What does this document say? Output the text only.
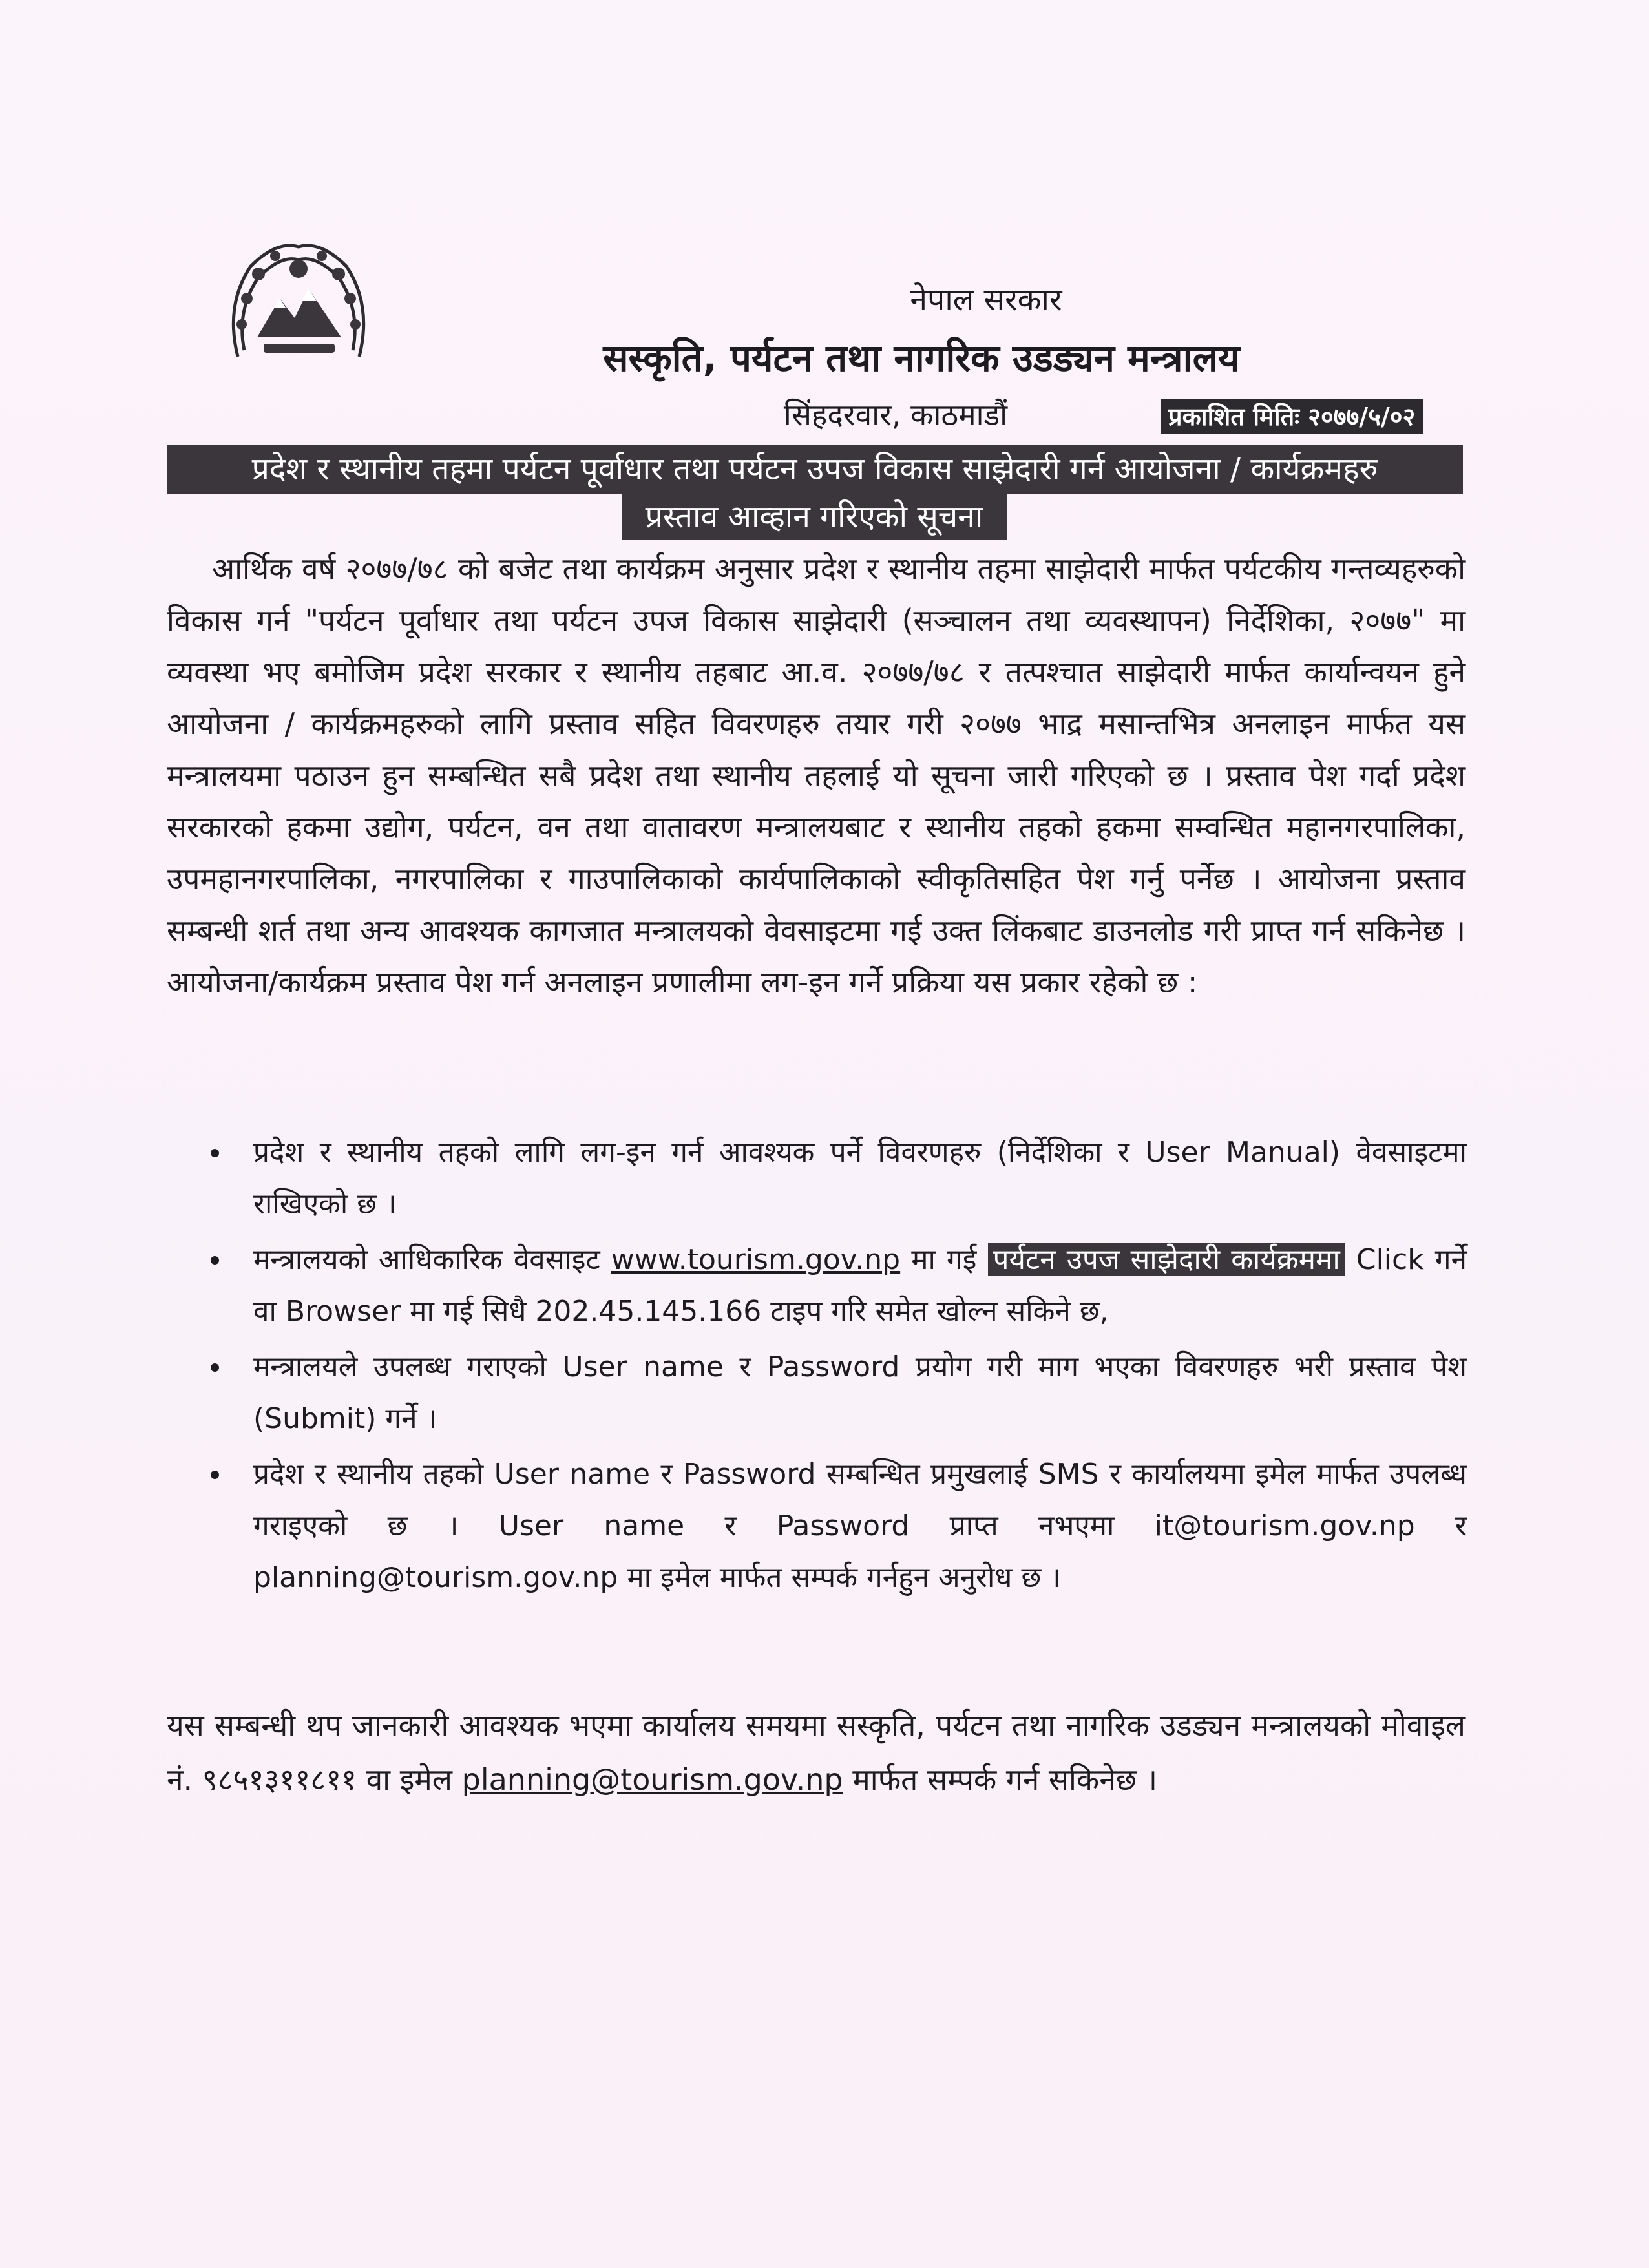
नेपाल सरकार
सस्कृति, पर्यटन तथा नागरिक उडड्यन मन्त्रालय
सिंहदरवार, काठमाडौं	प्रकाशित मितिः २०७७/५/०२
प्रदेश र स्थानीय तहमा पर्यटन पूर्वाधार तथा पर्यटन उपज विकास साझेदारी गर्न आयोजना / कार्यक्रमहरु
प्रस्ताव आव्हान गरिएको सूचना
आर्थिक वर्ष २०७७/७८ को बजेट तथा कार्यक्रम अनुसार प्रदेश र स्थानीय तहमा साझेदारी मार्फत पर्यटकीय गन्तव्यहरुको विकास गर्न "पर्यटन पूर्वाधार तथा पर्यटन उपज विकास साझेदारी (सञ्चालन तथा व्यवस्थापन) निर्देशिका, २०७७" मा व्यवस्था भए बमोजिम प्रदेश सरकार र स्थानीय तहबाट आ.व. २०७७/७८ र तत्पश्चात साझेदारी मार्फत कार्यान्वयन हुने आयोजना / कार्यक्रमहरुको लागि प्रस्ताव सहित विवरणहरु तयार गरी २०७७ भाद्र मसान्तभित्र अनलाइन मार्फत यस मन्त्रालयमा पठाउन हुन सम्बन्धित सबै प्रदेश तथा स्थानीय तहलाई यो सूचना जारी गरिएको छ । प्रस्ताव पेश गर्दा प्रदेश सरकारको हकमा उद्योग, पर्यटन, वन तथा वातावरण मन्त्रालयबाट र स्थानीय तहको हकमा सम्वन्धित महानगरपालिका, उपमहानगरपालिका, नगरपालिका र गाउपालिकाको कार्यपालिकाको स्वीकृतिसहित पेश गर्नु पर्नेछ । आयोजना प्रस्ताव सम्बन्धी शर्त तथा अन्य आवश्यक कागजात मन्त्रालयको वेवसाइटमा गई उक्त लिंकबाट डाउनलोड गरी प्राप्त गर्न सकिनेछ । आयोजना/कार्यक्रम प्रस्ताव पेश गर्न अनलाइन प्रणालीमा लग-इन गर्ने प्रक्रिया यस प्रकार रहेको छ :
प्रदेश र स्थानीय तहको लागि लग-इन गर्न आवश्यक पर्ने विवरणहरु (निर्देशिका र User Manual) वेवसाइटमा राखिएको छ ।
मन्त्रालयको आधिकारिक वेवसाइट www.tourism.gov.np मा गई पर्यटन उपज साझेदारी कार्यक्रममा Click गर्ने वा Browser मा गई सिधै 202.45.145.166 टाइप गरि समेत खोल्न सकिने छ,
मन्त्रालयले उपलब्ध गराएको User name र Password प्रयोग गरी माग भएका विवरणहरु भरी प्रस्ताव पेश (Submit) गर्ने ।
प्रदेश र स्थानीय तहको User name र Password सम्बन्धित प्रमुखलाई SMS र कार्यालयमा इमेल मार्फत उपलब्ध गराइएको छ । User name र Password प्राप्त नभएमा it@tourism.gov.np र planning@tourism.gov.np मा इमेल मार्फत सम्पर्क गर्नहुन अनुरोध छ ।
यस सम्बन्धी थप जानकारी आवश्यक भएमा कार्यालय समयमा सस्कृति, पर्यटन तथा नागरिक उडड्यन मन्त्रालयको मोवाइल नं. ९८५१३११८११ वा इमेल planning@tourism.gov.np मार्फत सम्पर्क गर्न सकिनेछ ।
